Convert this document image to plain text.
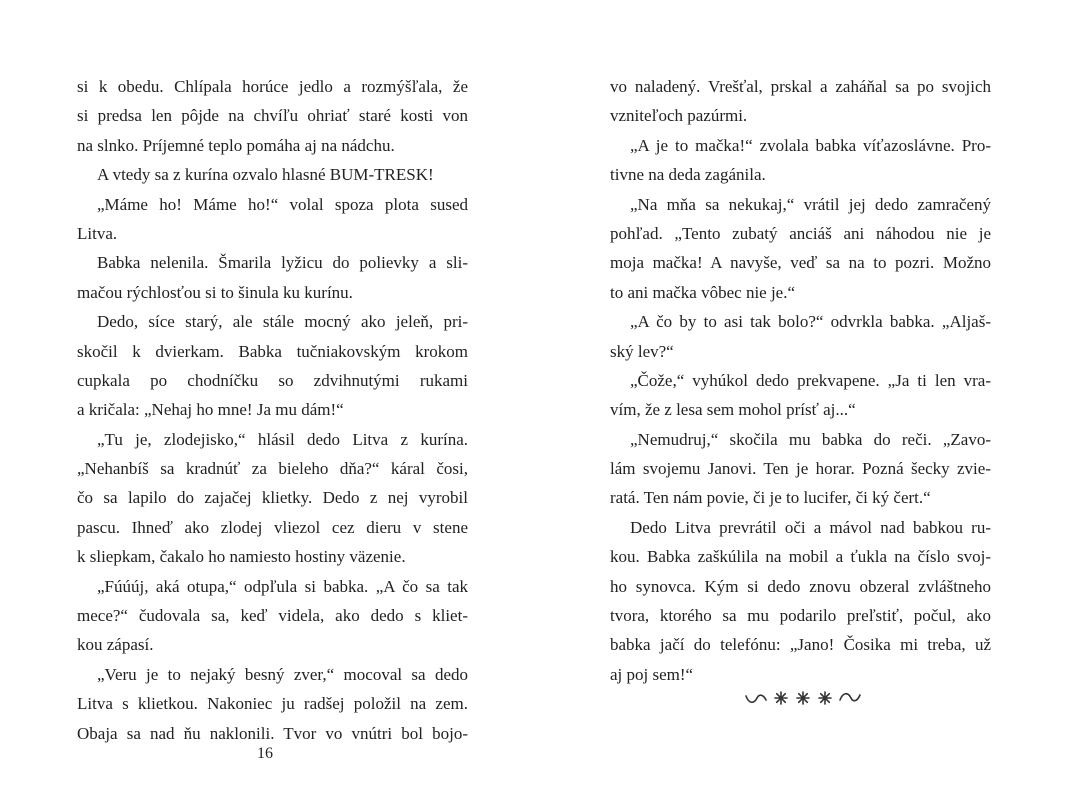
si k obedu. Chlípala horúce jedlo a rozmýšľala, že
si predsa len pôjde na chvíľu ohriať staré kosti von
na slnko. Príjemné teplo pomáha aj na nádchu.
A vtedy sa z kurína ozvalo hlasné BUM-TRESK!
„Máme ho! Máme ho!“ volal spoza plota sused
Litva.
Babka nelenila. Šmarila lyžicu do polievky a sli-
mačou rýchlosťou si to šinula ku kurínu.
Dedo, síce starý, ale stále mocný ako jeleň, pri-
skočil k dvierkam. Babka tučniakovským krokom
cupkala po chodníčku so zdvihnutými rukami
a kričala: „Nehaj ho mne! Ja mu dám!“
„Tu je, zlodejisko,“ hlásil dedo Litva z kurína.
„Nehanbíš sa kradnúť za bieleho dňa?“ káral čosi,
čo sa lapilo do zajačej klietky. Dedo z nej vyrobil
pascu. Ihneď ako zlodej vliezol cez dieru v stene
k sliepkam, čakalo ho namiesto hostiny väzenie.
„Fúúúj, aká otupa,“ odpľula si babka. „A čo sa tak
mece?“ čudovala sa, keď videla, ako dedo s kliet-
kou zápasí.
„Veru je to nejaký besný zver,“ mocoval sa dedo
Litva s klietkou. Nakoniec ju radšej položil na zem.
Obaja sa nad ňu naklonili. Tvor vo vnútri bol bojo-
vo naladený. Vrešťal, prskal a zaháňal sa po svojich
vzniteľoch pazúrmi.
„A je to mačka!“ zvolala babka víťazoslávne. Pro-
tivne na deda zagánila.
„Na mňa sa nekukaj,“ vrátil jej dedo zamračený
pohľad. „Tento zubatý anciáš ani náhodou nie je
moja mačka! A navyše, veď sa na to pozri. Možno
to ani mačka vôbec nie je.“
„A čo by to asi tak bolo?“ odvrkla babka. „Aljaš-
ský lev?“
„Čože,“ vyhúkol dedo prekvapene. „Ja ti len vra-
vím, že z lesa sem mohol prísť aj...“
„Nemudruj,“ skočila mu babka do reči. „Zavo-
lám svojemu Janovi. Ten je horar. Pozná šecky zvie-
ratá. Ten nám povie, či je to lucifer, či ký čert.“
Dedo Litva prevrátil oči a mávol nad babkou ru-
kou. Babka zaškúlila na mobil a ťukla na číslo svoj-
ho synovca. Kým si dedo znovu obzeral zvláštneho
tvora, ktorého sa mu podarilo preľstiť, počul, ako
babka jačí do telefónu: „Jano! Čosika mi treba, už
aj poj sem!“
16
